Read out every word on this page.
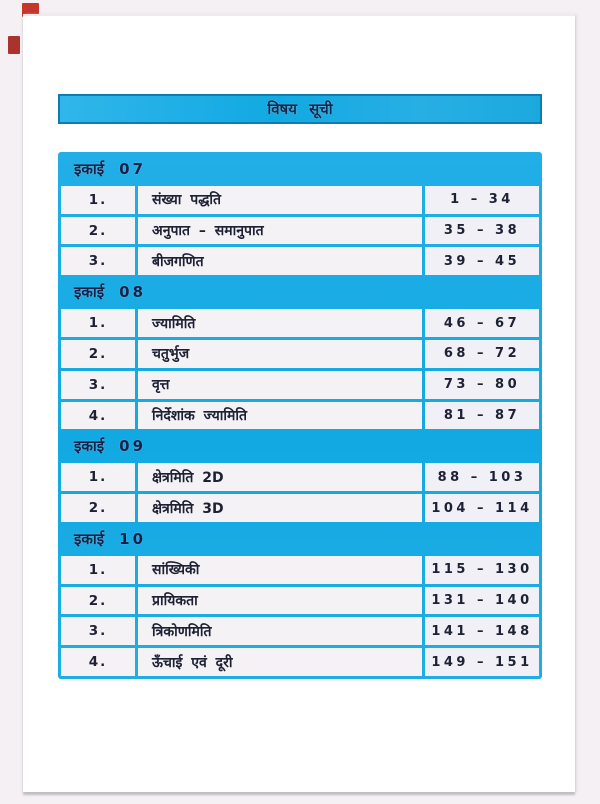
विषय सूची
इकाई 07
1.	संख्या पद्धति	1 – 34
2.	अनुपात – समानुपात	35 – 38
3.	बीजगणित	39 – 45
इकाई 08
1.	ज्यामिति	46 – 67
2.	चतुर्भुज	68 – 72
3.	वृत्त	73 – 80
4.	निर्देशांक ज्यामिति	81 – 87
इकाई 09
1.	क्षेत्रमिति 2D	88 – 103
2.	क्षेत्रमिति 3D	104 – 114
इकाई 10
1.	सांख्यिकी	115 – 130
2.	प्रायिकता	131 – 140
3.	त्रिकोणमिति	141 – 148
4.	ऊँचाई एवं दूरी	149 – 151
